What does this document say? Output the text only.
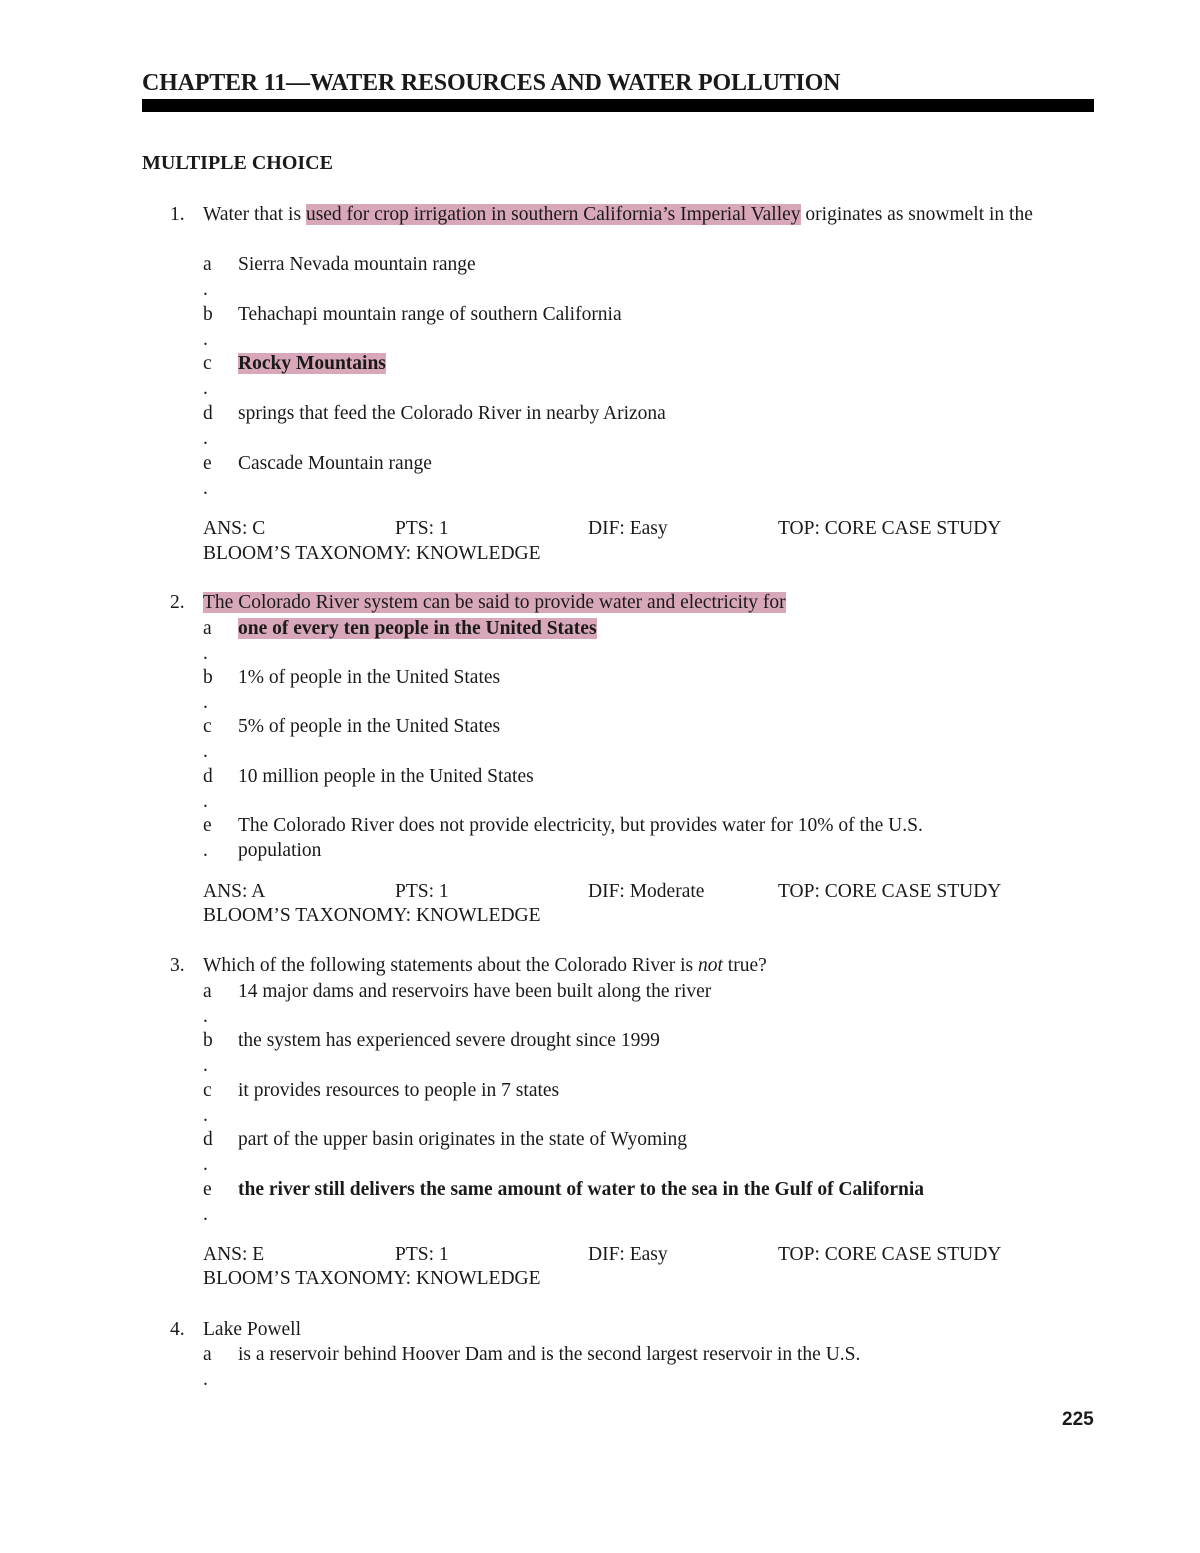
CHAPTER 11—WATER RESOURCES AND WATER POLLUTION
MULTIPLE CHOICE
1. Water that is used for crop irrigation in southern California’s Imperial Valley originates as snowmelt in the
a Sierra Nevada mountain range
.
b Tehachapi mountain range of southern California
.
c Rocky Mountains
.
d springs that feed the Colorado River in nearby Arizona
.
e Cascade Mountain range
.
ANS: C	PTS: 1	DIF: Easy	TOP: CORE CASE STUDY
BLOOM’S TAXONOMY: KNOWLEDGE
2. The Colorado River system can be said to provide water and electricity for
a one of every ten people in the United States
.
b 1% of people in the United States
.
c 5% of people in the United States
.
d 10 million people in the United States
.
e The Colorado River does not provide electricity, but provides water for 10% of the U.S.
. population
ANS: A	PTS: 1	DIF: Moderate	TOP: CORE CASE STUDY
BLOOM’S TAXONOMY: KNOWLEDGE
3. Which of the following statements about the Colorado River is not true?
a 14 major dams and reservoirs have been built along the river
.
b the system has experienced severe drought since 1999
.
c it provides resources to people in 7 states
.
d part of the upper basin originates in the state of Wyoming
.
e the river still delivers the same amount of water to the sea in the Gulf of California
.
ANS: E	PTS: 1	DIF: Easy	TOP: CORE CASE STUDY
BLOOM’S TAXONOMY: KNOWLEDGE
4. Lake Powell
a is a reservoir behind Hoover Dam and is the second largest reservoir in the U.S.
.
225
